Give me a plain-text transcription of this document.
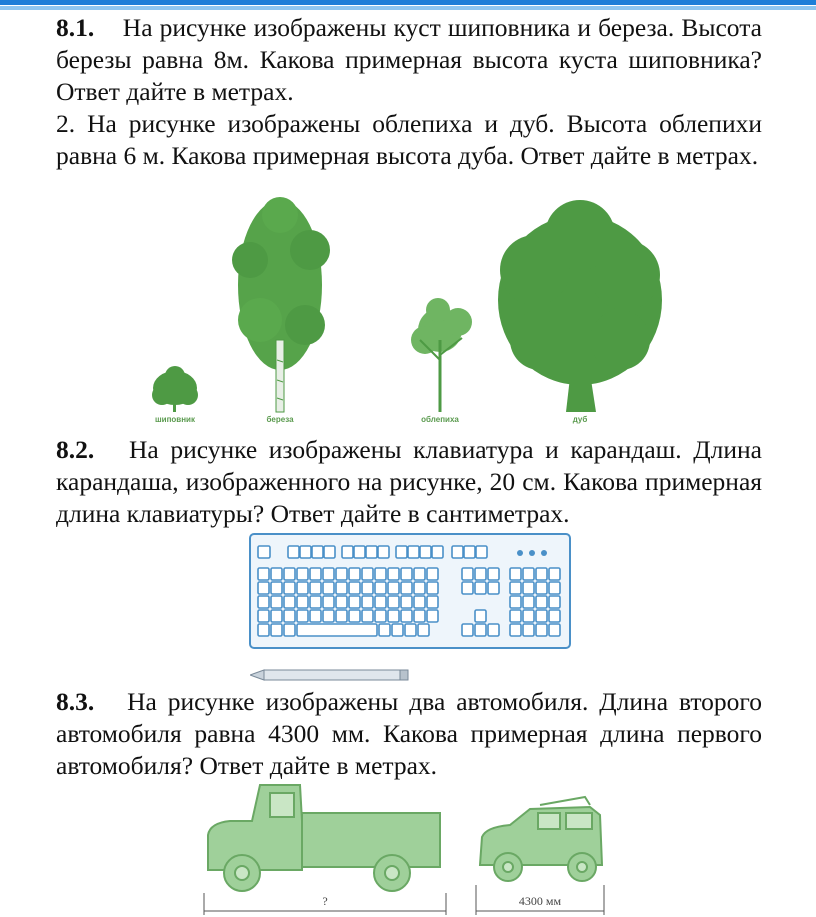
8.1. На рисунке изображены куст шиповника и береза. Высота березы равна 8м. Какова примерная высота куста шиповника? Ответ дайте в метрах.
2. На рисунке изображены облепиха и дуб. Высота облепихи равна 6 м. Какова примерная высота дуба. Ответ дайте в метрах.
шиповник	береза	облепиха	дуб
8.2. На рисунке изображены клавиатура и карандаш. Длина карандаша, изображенного на рисунке, 20 см. Какова примерная длина клавиатуры? Ответ дайте в сантиметрах.
8.3. На рисунке изображены два автомобиля. Длина второго автомобиля равна 4300 мм. Какова примерная длина первого автомобиля? Ответ дайте в метрах.
?	4300 мм
